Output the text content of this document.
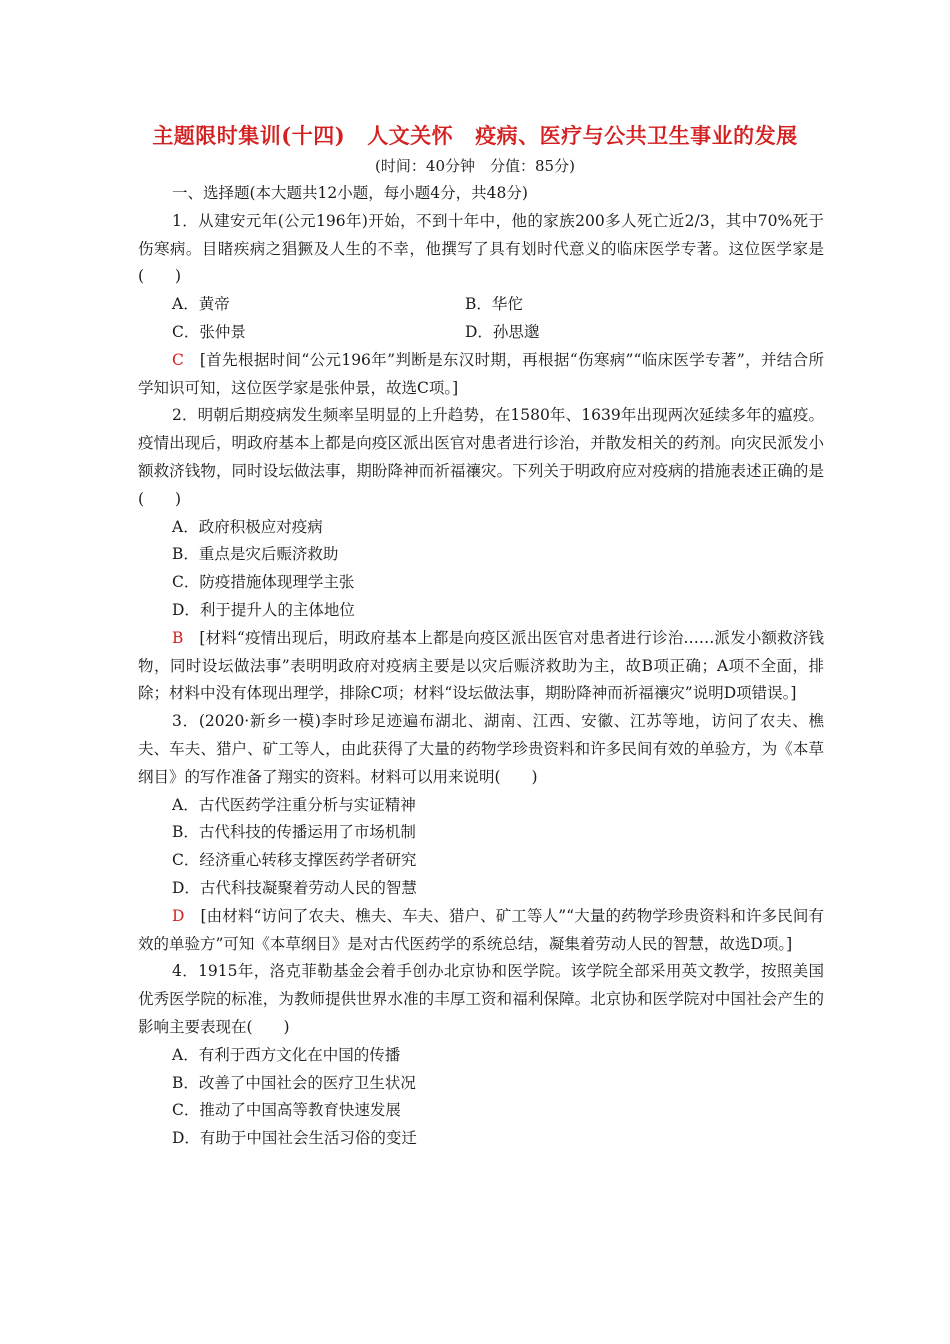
主题限时集训(十四) 人文关怀 疫病、医疗与公共卫生事业的发展
(时间：40分钟　分值：85分)

一、选择题(本大题共12小题，每小题4分，共48分)

1．从建安元年(公元196年)开始，不到十年中，他的家族200多人死亡近2/3，其中70%死于伤寒病。目睹疾病之猖獗及人生的不幸，他撰写了具有划时代意义的临床医学专著。这位医学家是(　　)

A．黄帝	B．华佗
C．张仲景	D．孙思邈

C [首先根据时间“公元196年”判断是东汉时期，再根据“伤寒病”“临床医学专著”，并结合所学知识可知，这位医学家是张仲景，故选C项。]

2．明朝后期疫病发生频率呈明显的上升趋势，在1580年、1639年出现两次延续多年的瘟疫。疫情出现后，明政府基本上都是向疫区派出医官对患者进行诊治，并散发相关的药剂。向灾民派发小额救济钱物，同时设坛做法事，期盼降神而祈福禳灾。下列关于明政府应对疫病的措施表述正确的是(　　)

A．政府积极应对疫病
B．重点是灾后赈济救助
C．防疫措施体现理学主张
D．利于提升人的主体地位

B [材料“疫情出现后，明政府基本上都是向疫区派出医官对患者进行诊治……派发小额救济钱物，同时设坛做法事”表明明政府对疫病主要是以灾后赈济救助为主，故B项正确；A项不全面，排除；材料中没有体现出理学，排除C项；材料“设坛做法事，期盼降神而祈福禳灾”说明D项错误。]

3．(2020·新乡一模)李时珍足迹遍布湖北、湖南、江西、安徽、江苏等地，访问了农夫、樵夫、车夫、猎户、矿工等人，由此获得了大量的药物学珍贵资料和许多民间有效的单验方，为《本草纲目》的写作准备了翔实的资料。材料可以用来说明(　　)

A．古代医药学注重分析与实证精神
B．古代科技的传播运用了市场机制
C．经济重心转移支撑医药学者研究
D．古代科技凝聚着劳动人民的智慧

D [由材料“访问了农夫、樵夫、车夫、猎户、矿工等人”“大量的药物学珍贵资料和许多民间有效的单验方”可知《本草纲目》是对古代医药学的系统总结，凝集着劳动人民的智慧，故选D项。]

4．1915年，洛克菲勒基金会着手创办北京协和医学院。该学院全部采用英文教学，按照美国优秀医学院的标准，为教师提供世界水准的丰厚工资和福利保障。北京协和医学院对中国社会产生的影响主要表现在(　　)

A．有利于西方文化在中国的传播
B．改善了中国社会的医疗卫生状况
C．推动了中国高等教育快速发展
D．有助于中国社会生活习俗的变迁
